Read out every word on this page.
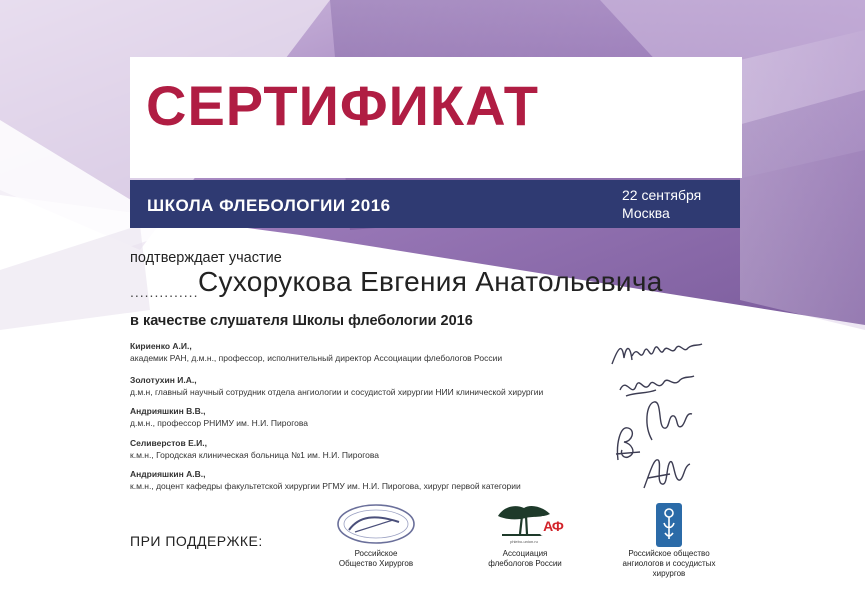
СЕРТИФИКАТ
ШКОЛА ФЛЕБОЛОГИИ 2016
22 сентября
Москва
подтверждает участие
.............. Сухорукова Евгения Анатольевича
в качестве слушателя Школы флебологии 2016
Кириенко А.И.,
академик РАН, д.м.н., профессор, исполнительный директор Ассоциации флебологов России
Золотухин И.А.,
д.м.н, главный научный сотрудник отдела ангиологии и сосудистой хирургии НИИ клинической хирургии
Андрияшкин В.В.,
д.м.н., профессор РНИМУ им. Н.И. Пирогова
Селиверстов Е.И.,
к.м.н., Городская клиническая больница №1 им. Н.И. Пирогова
Андрияшкин А.В.,
к.м.н., доцент кафедры факультетской хирургии РГМУ им. Н.И. Пирогова, хирург первой категории
ПРИ ПОДДЕРЖКЕ:
Российское
Общество Хирургов
АФ
phlebo-union.ru
Ассоциация
флебологов России
Российское общество
ангиологов и сосудистых
хирургов
